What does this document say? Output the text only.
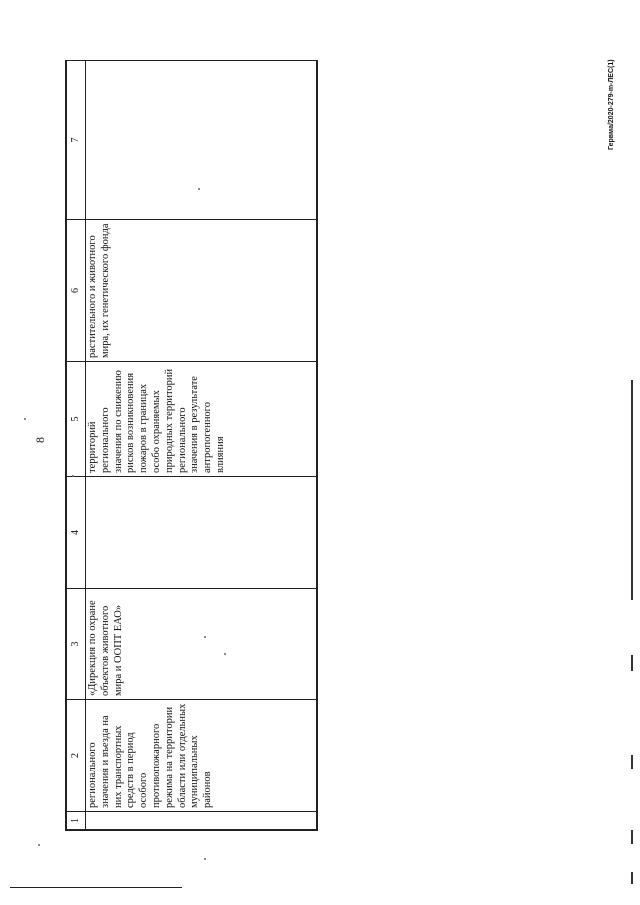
8
Гервма/2020-279-m-ЛЕС(1)
1	2	3	4	5	6	7

	регионального значения и въезда на них транспортных средств в период особого противопожарного режима на территории области или отдельных муниципальных районов	«Дирекция по охране объектов животного мира и ООПТ ЕАО»		территорий регионального значения по снижению рисков возникновения пожаров в границах особо охраняемых природных территорий регионального значения в результате антропогенного влияния	растительного и животного мира, их генетического фонда	
